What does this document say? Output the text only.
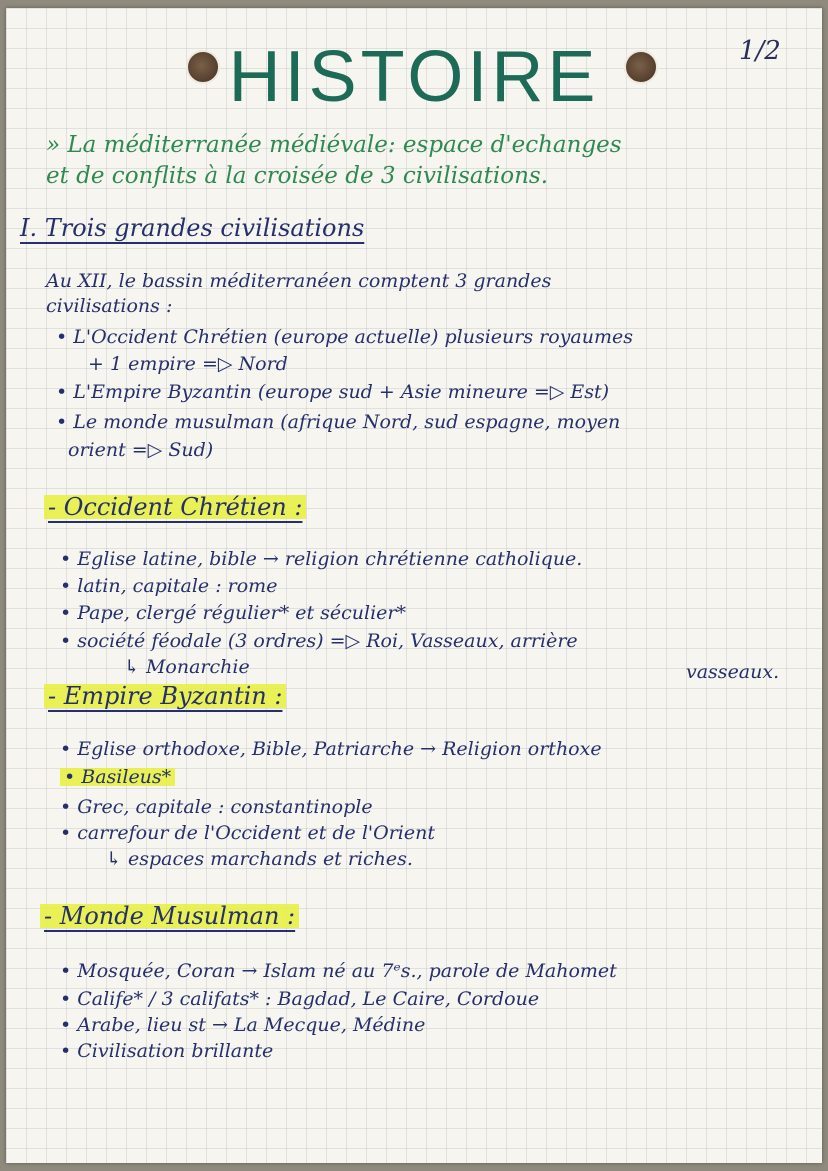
HISTOIRE	1/2
» La méditerranée médiévale: espace d'echanges
et de conflits à la croisée de 3 civilisations.
I. Trois grandes civilisations
Au XII, le bassin méditerranéen comptent 3 grandes
civilisations :
• L'Occident Chrétien (europe actuelle) plusieurs royaumes
+ 1 empire =▷ Nord
• L'Empire Byzantin (europe sud + Asie mineure =▷ Est)
• Le monde musulman (afrique Nord, sud espagne, moyen
orient =▷ Sud)
- Occident Chrétien :
• Eglise latine, bible → religion chrétienne catholique.
• latin, capitale : rome
• Pape, clergé régulier* et séculier*
• société féodale (3 ordres) =▷ Roi, Vasseaux, arrière
↳ Monarchie	vasseaux.
- Empire Byzantin :
• Eglise orthodoxe, Bible, Patriarche → Religion orthoxe
• Basileus*
• Grec, capitale : constantinople
• carrefour de l'Occident et de l'Orient
↳ espaces marchands et riches.
- Monde Musulman :
• Mosquée, Coran → Islam né au 7ᵉs., parole de Mahomet
• Calife* / 3 califats* : Bagdad, Le Caire, Cordoue
• Arabe, lieu st → La Mecque, Médine
• Civilisation brillante
